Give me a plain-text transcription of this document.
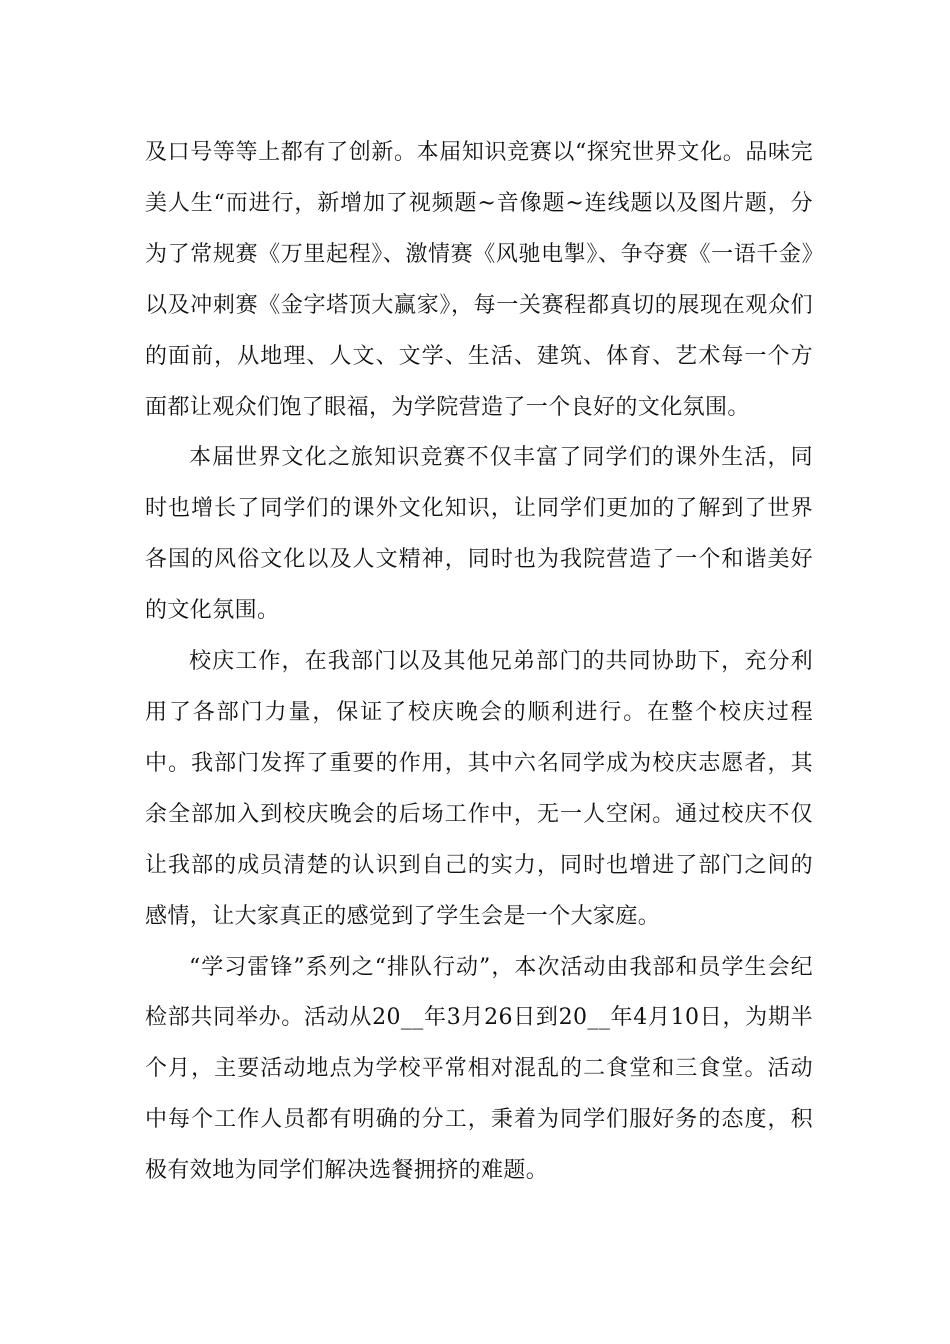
及口号等等上都有了创新。本届知识竞赛以“探究世界文化。品味完美人生“而进行，新增加了视频题~音像题~连线题以及图片题，分为了常规赛《万里起程》、激情赛《风驰电掣》、争夺赛《一语千金》以及冲刺赛《金字塔顶大赢家》，每一关赛程都真切的展现在观众们的面前，从地理、人文、文学、生活、建筑、体育、艺术每一个方面都让观众们饱了眼福，为学院营造了一个良好的文化氛围。

本届世界文化之旅知识竞赛不仅丰富了同学们的课外生活，同时也增长了同学们的课外文化知识，让同学们更加的了解到了世界各国的风俗文化以及人文精神，同时也为我院营造了一个和谐美好的文化氛围。

校庆工作，在我部门以及其他兄弟部门的共同协助下，充分利用了各部门力量，保证了校庆晚会的顺利进行。在整个校庆过程中。我部门发挥了重要的作用，其中六名同学成为校庆志愿者，其余全部加入到校庆晚会的后场工作中，无一人空闲。通过校庆不仅让我部的成员清楚的认识到自己的实力，同时也增进了部门之间的感情，让大家真正的感觉到了学生会是一个大家庭。

“学习雷锋”系列之“排队行动”，本次活动由我部和员学生会纪检部共同举办。活动从20__年3月26日到20__年4月10日，为期半个月，主要活动地点为学校平常相对混乱的二食堂和三食堂。活动中每个工作人员都有明确的分工，秉着为同学们服好务的态度，积极有效地为同学们解决选餐拥挤的难题。
